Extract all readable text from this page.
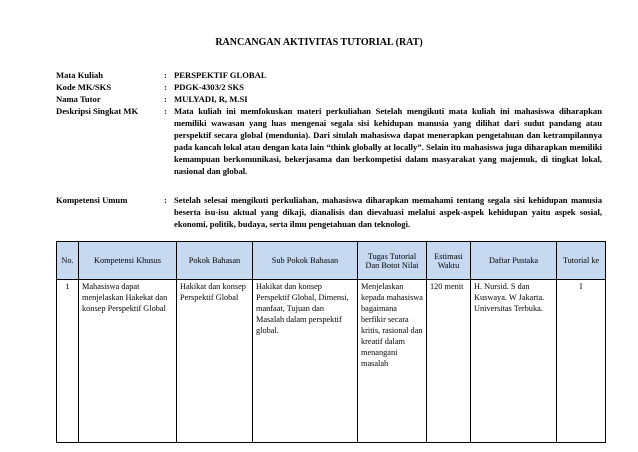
RANCANGAN AKTIVITAS TUTORIAL (RAT)
Mata Kuliah	: PERSPEKTIF GLOBAL
Kode MK/SKS	: PDGK-4303/2 SKS
Nama Tutor	: MULYADI, R, M.SI
Deskripsi Singkat MK	: Mata kuliah ini memfokuskan materi perkuliahan Setelah mengikuti mata kuliah ini mahasiswa diharapkan memiliki wawasan yang luas mengenai segala sisi kehidupan manusia yang dilihat dari sudut pandang atau perspektif secara global (mendunia). Dari situlah mahasiswa dapat menerapkan pengetahuan dan ketrampilannya pada kancah lokal atau dengan kata lain “think globally at locally”. Selain itu mahasiswa juga diharapkan memiliki kemampuan berkomunikasi, bekerjasama dan berkompetisi dalam masyarakat yang majemuk, di tingkat lokal, nasional dan global.
Kompetensi Umum	: Setelah selesai mengikuti perkuliahan, mahasiswa diharapkan memahami tentang segala sisi kehidupan manusia beserta isu-isu aktual yang dikaji, dianalisis dan dievaluasi melalui aspek-aspek kehidupan yaitu aspek sosial, ekonomi, politik, budaya, serta ilmu pengetahuan dan teknologi.
No.	Kompetensi Khusus	Pokok Bahasan	Sub Pokok Bahasan	Tugas Tutorial Dan Botot Nilai	Estimasi Waktu	Daftar Pustaka	Tutorial ke
1	Mahasiswa dapat menjelaskan Hakekat dan konsep Perspektif Global	Hakikat dan konsep Perspektif Global	Hakikat dan konsep Perspektif Global, Dimensi, manfaat, Tujuan dan Masalah dalam perspektif global.	Menjelaskan kepada mahasiswa bagaimana berfikir secara kritis, rasional dan kreatif dalam menangani masalah	120 menit	H. Nursid. S dan Kuswaya. W Jakarta. Universitas Terbuka.	I
